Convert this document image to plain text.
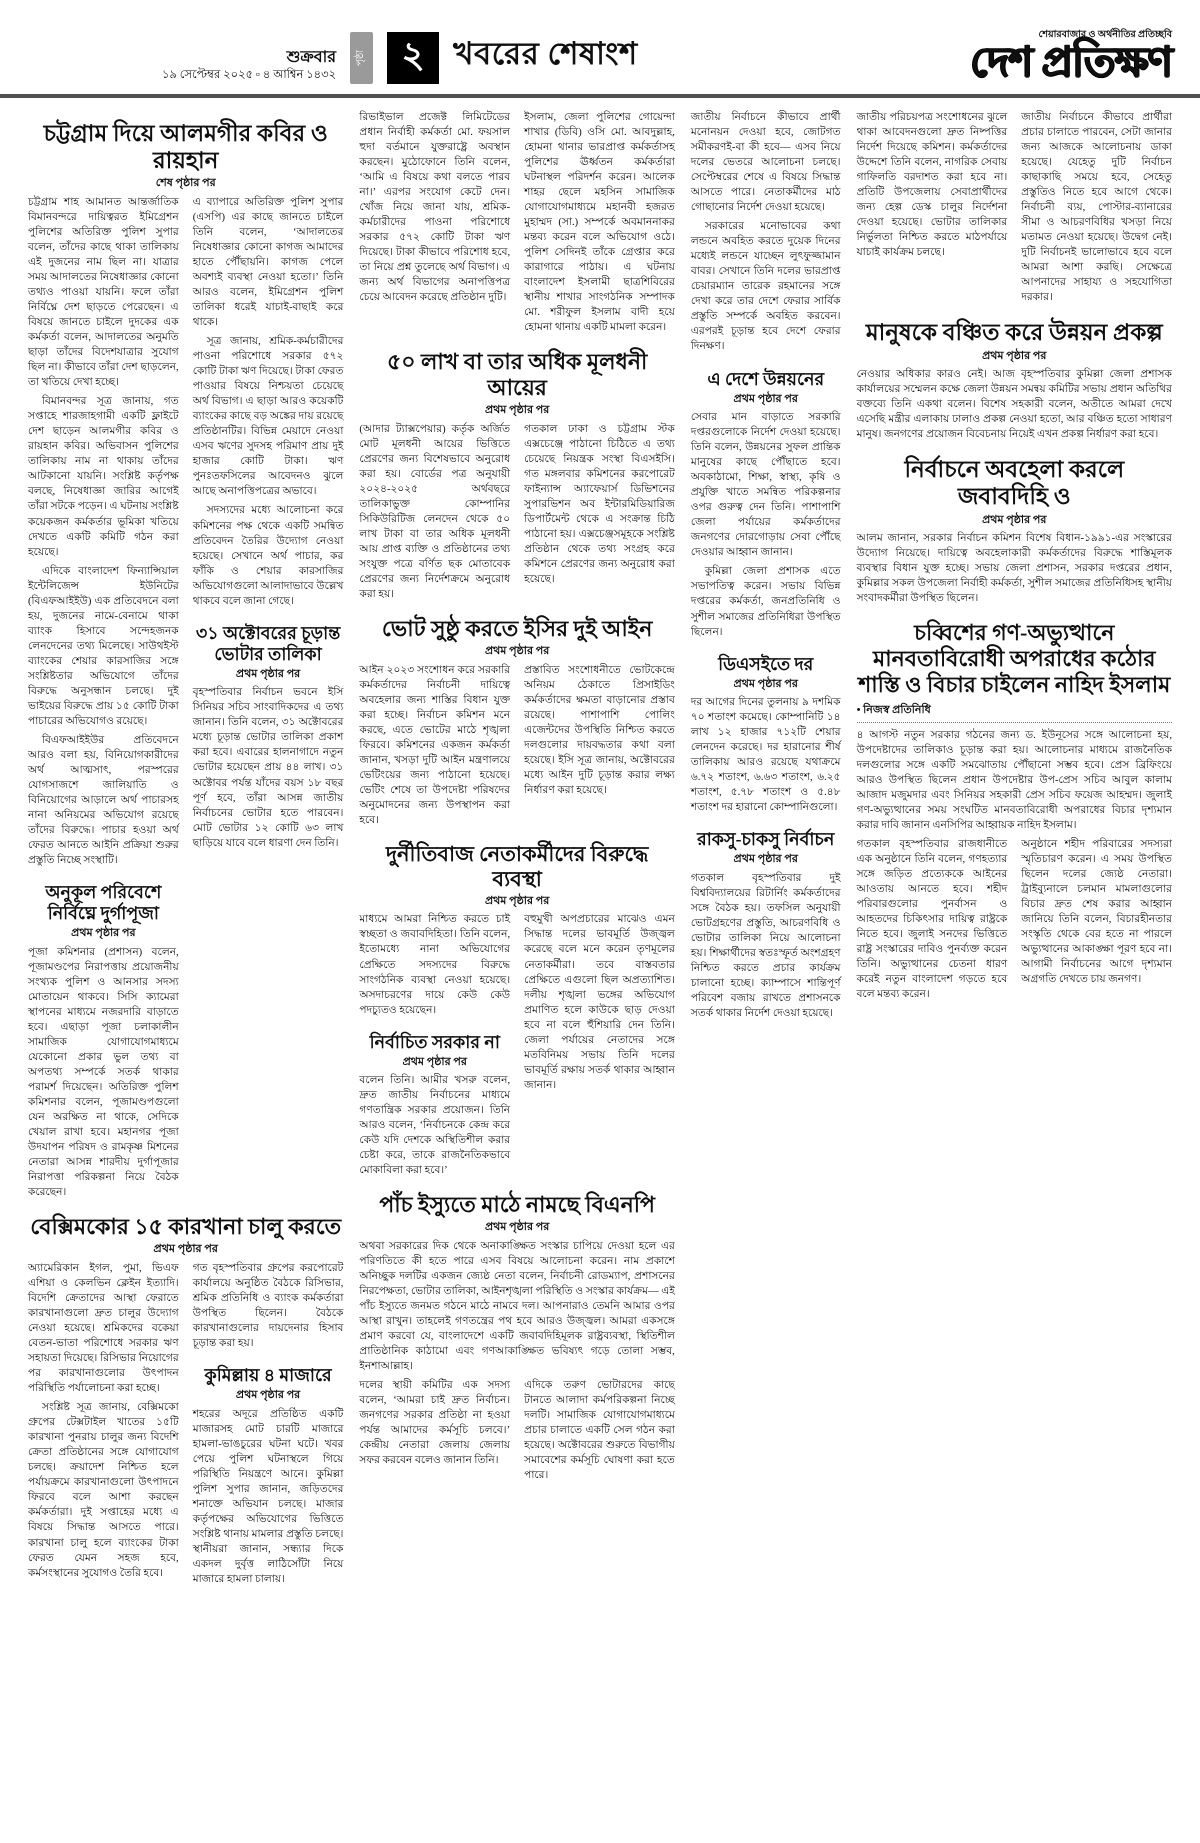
শুক্রবার
১৯ সেপ্টেম্বর ২০২৫ ▫ ৪ আশ্বিন ১৪৩২
পৃষ্ঠা ২ খবরের শেষাংশ
শেয়ারবাজার ও অর্থনীতির প্রতিচ্ছবি
দেশ প্রতিক্ষণ
চট্টগ্রাম দিয়ে আলমগীর কবির ও রায়হান
শেষ পৃষ্ঠার পর
চট্টগ্রাম শাহ আমানত আন্তর্জাতিক বিমানবন্দরে দায়িত্বরত ইমিগ্রেশন পুলিশের অতিরিক্ত পুলিশ সুপার বলেন, তাঁদের কাছে থাকা তালিকায় এই দুজনের নাম ছিল না। যাত্রার সময় আদালতের নিষেধাজ্ঞার কোনো তথ্যও পাওয়া যায়নি। ফলে তাঁরা নির্বিঘ্নে দেশ ছাড়তে পেরেছেন। এ বিষয়ে জানতে চাইলে দুদকের এক কর্মকর্তা বলেন, আদালতের অনুমতি ছাড়া তাঁদের বিদেশযাত্রার সুযোগ ছিল না। কীভাবে তাঁরা দেশ ছাড়লেন, তা খতিয়ে দেখা হচ্ছে।
বিমানবন্দর সূত্র জানায়, গত সপ্তাহে শারজাহগামী একটি ফ্লাইটে দেশ ছাড়েন আলমগীর কবির ও রায়হান কবির। অভিবাসন পুলিশের তালিকায় নাম না থাকায় তাঁদের আটকানো যায়নি। সংশ্লিষ্ট কর্তৃপক্ষ বলছে, নিষেধাজ্ঞা জারির আগেই তাঁরা সটকে পড়েন। এ ঘটনায় সংশ্লিষ্ট কয়েকজন কর্মকর্তার ভূমিকা খতিয়ে দেখতে একটি কমিটি গঠন করা হয়েছে।
এদিকে বাংলাদেশ ফিন্যান্সিয়াল ইন্টেলিজেন্স ইউনিটের (বিএফআইইউ) এক প্রতিবেদনে বলা হয়, দুজনের নামে-বেনামে থাকা ব্যাংক হিসাবে সন্দেহজনক লেনদেনের তথ্য মিলেছে। সাউথইস্ট ব্যাংকের শেয়ার কারসাজির সঙ্গে সংশ্লিষ্টতার অভিযোগে তাঁদের বিরুদ্ধে অনুসন্ধান চলছে। দুই ভাইয়ের বিরুদ্ধে প্রায় ১৫ কোটি টাকা পাচারের অভিযোগও রয়েছে।
বিএফআইইউর প্রতিবেদনে আরও বলা হয়, বিনিয়োগকারীদের অর্থ আত্মসাৎ, পরস্পরের যোগসাজশে জালিয়াতি ও বিনিয়োগের আড়ালে অর্থ পাচারসহ নানা অনিয়মের অভিযোগ রয়েছে তাঁদের বিরুদ্ধে। পাচার হওয়া অর্থ ফেরত আনতে আইনি প্রক্রিয়া শুরুর প্রস্তুতি নিচ্ছে সংস্থাটি।
অনুকূল পরিবেশে নির্বিঘ্নে দুর্গাপূজা
প্রথম পৃষ্ঠার পর
পূজা কমিশনার (প্রশাসন) বলেন, পূজামণ্ডপের নিরাপত্তায় প্রয়োজনীয় সংখ্যক পুলিশ ও আনসার সদস্য মোতায়েন থাকবে। সিসি ক্যামেরা স্থাপনের মাধ্যমে নজরদারি বাড়াতে হবে। এছাড়া পূজা চলাকালীন সামাজিক যোগাযোগমাধ্যমে যেকোনো প্রকার ভুল তথ্য বা অপতথ্য সম্পর্কে সতর্ক থাকার পরামর্শ দিয়েছেন। অতিরিক্ত পুলিশ কমিশনার বলেন, পূজামণ্ডপগুলো যেন অরক্ষিত না থাকে, সেদিকে খেয়াল রাখা হবে। মহানগর পূজা উদযাপন পরিষদ ও রামকৃষ্ণ মিশনের নেতারা আসন্ন শারদীয় দুর্গাপূজার নিরাপত্তা পরিকল্পনা নিয়ে বৈঠক করেছেন।
এ ব্যাপারে অতিরিক্ত পুলিশ সুপার (এসপি) এর কাছে জানতে চাইলে তিনি বলেন, ‘আদালতের নিষেধাজ্ঞার কোনো কাগজ আমাদের হাতে পৌঁছায়নি। কাগজ পেলে অবশ্যই ব্যবস্থা নেওয়া হতো।’ তিনি আরও বলেন, ইমিগ্রেশন পুলিশ তালিকা ধরেই যাচাই-বাছাই করে থাকে।
সূত্র জানায়, শ্রমিক-কর্মচারীদের পাওনা পরিশোধে সরকার ৫৭২ কোটি টাকা ঋণ দিয়েছে। টাকা ফেরত পাওয়ার বিষয়ে নিশ্চয়তা চেয়েছে অর্থ বিভাগ। এ ছাড়া আরও কয়েকটি ব্যাংকের কাছে বড় অঙ্কের দায় রয়েছে প্রতিষ্ঠানটির। বিভিন্ন মেয়াদে নেওয়া এসব ঋণের সুদসহ পরিমাণ প্রায় দুই হাজার কোটি টাকা। ঋণ পুনঃতফসিলের আবেদনও ঝুলে আছে অনাপত্তিপত্রের অভাবে।
সদস্যদের মধ্যে আলোচনা করে কমিশনের পক্ষ থেকে একটি সমন্বিত প্রতিবেদন তৈরির উদ্যোগ নেওয়া হয়েছে। সেখানে অর্থ পাচার, কর ফাঁকি ও শেয়ার কারসাজির অভিযোগগুলো আলাদাভাবে উল্লেখ থাকবে বলে জানা গেছে।
৩১ অক্টোবরের চূড়ান্ত ভোটার তালিকা
প্রথম পৃষ্ঠার পর
বৃহস্পতিবার নির্বাচন ভবনে ইসি সিনিয়র সচিব সাংবাদিকদের এ তথ্য জানান। তিনি বলেন, ৩১ অক্টোবরের মধ্যে চূড়ান্ত ভোটার তালিকা প্রকাশ করা হবে। এবারের হালনাগাদে নতুন ভোটার হয়েছেন প্রায় ৪৪ লাখ। ৩১ অক্টোবর পর্যন্ত যাঁদের বয়স ১৮ বছর পূর্ণ হবে, তাঁরা আসন্ন জাতীয় নির্বাচনের ভোটার হতে পারবেন। মোট ভোটার ১২ কোটি ৬৩ লাখ ছাড়িয়ে যাবে বলে ধারণা দেন তিনি।
বেক্সিমকোর ১৫ কারখানা চালু করতে
প্রথম পৃষ্ঠার পর
অ্যামেরিকান ইগল, পুমা, ভিএফ এশিয়া ও কেলভিন ক্লেইন ইত্যাদি। বিদেশি ক্রেতাদের আস্থা ফেরাতে কারখানাগুলো দ্রুত চালুর উদ্যোগ নেওয়া হয়েছে। শ্রমিকদের বকেয়া বেতন-ভাতা পরিশোধে সরকার ঋণ সহায়তা দিয়েছে। রিসিভার নিয়োগের পর কারখানাগুলোর উৎপাদন পরিস্থিতি পর্যালোচনা করা হচ্ছে।
সংশ্লিষ্ট সূত্র জানায়, বেক্সিমকো গ্রুপের টেক্সটাইল খাতের ১৫টি কারখানা পুনরায় চালুর জন্য বিদেশি ক্রেতা প্রতিষ্ঠানের সঙ্গে যোগাযোগ চলছে। ক্রয়াদেশ নিশ্চিত হলে পর্যায়ক্রমে কারখানাগুলো উৎপাদনে ফিরবে বলে আশা করছেন কর্মকর্তারা। দুই সপ্তাহের মধ্যে এ বিষয়ে সিদ্ধান্ত আসতে পারে। কারখানা চালু হলে ব্যাংকের টাকা ফেরত যেমন সহজ হবে, কর্মসংস্থানের সুযোগও তৈরি হবে।
গত বৃহস্পতিবার গ্রুপের করপোরেট কার্যালয়ে অনুষ্ঠিত বৈঠকে রিসিভার, শ্রমিক প্রতিনিধি ও ব্যাংক কর্মকর্তারা উপস্থিত ছিলেন। বৈঠকে কারখানাগুলোর দায়দেনার হিসাব চূড়ান্ত করা হয়।
কুমিল্লায় ৪ মাজারে
প্রথম পৃষ্ঠার পর
শহরের অদূরে প্রতিষ্ঠিত একটি মাজারসহ মোট চারটি মাজারে হামলা-ভাঙচুরের ঘটনা ঘটে। খবর পেয়ে পুলিশ ঘটনাস্থলে গিয়ে পরিস্থিতি নিয়ন্ত্রণে আনে। কুমিল্লা পুলিশ সুপার জানান, জড়িতদের শনাক্তে অভিযান চলছে। মাজার কর্তৃপক্ষের অভিযোগের ভিত্তিতে সংশ্লিষ্ট থানায় মামলার প্রস্তুতি চলছে। স্থানীয়রা জানান, সন্ধ্যার দিকে একদল দুর্বৃত্ত লাঠিসোঁটা নিয়ে মাজারে হামলা চালায়।
রিভাইভাল প্রজেক্ট লিমিটেডের প্রধান নির্বাহী কর্মকর্তা মো. ফয়সাল হুদা বর্তমানে যুক্তরাষ্ট্রে অবস্থান করছেন। মুঠোফোনে তিনি বলেন, ‘আমি এ বিষয়ে কথা বলতে পারব না।’ এরপর সংযোগ কেটে দেন। খোঁজ নিয়ে জানা যায়, শ্রমিক-কর্মচারীদের পাওনা পরিশোধে সরকার ৫৭২ কোটি টাকা ঋণ দিয়েছে। টাকা কীভাবে পরিশোধ হবে, তা নিয়ে প্রশ্ন তুলেছে অর্থ বিভাগ। এ জন্য অর্থ বিভাগের অনাপত্তিপত্র চেয়ে আবেদন করেছে প্রতিষ্ঠান দুটি।
ইসলাম, জেলা পুলিশের গোয়েন্দা শাখার (ডিবি) ওসি মো. আবদুল্লাহ, হোমনা থানার ভারপ্রাপ্ত কর্মকর্তাসহ পুলিশের ঊর্ধ্বতন কর্মকর্তারা ঘটনাস্থল পরিদর্শন করেন। আলেক শাহর ছেলে মহসিন সামাজিক যোগাযোগমাধ্যমে মহানবী হজরত মুহাম্মদ (সা.) সম্পর্কে অবমাননাকর মন্তব্য করেন বলে অভিযোগ ওঠে। পুলিশ সেদিনই তাঁকে গ্রেপ্তার করে কারাগারে পাঠায়। এ ঘটনায় বাংলাদেশ ইসলামী ছাত্রশিবিরের স্থানীয় শাখার সাংগঠনিক সম্পাদক মো. শরীফুল ইসলাম বাদী হয়ে হোমনা থানায় একটি মামলা করেন।
৫০ লাখ বা তার অধিক মূলধনী আয়ের
প্রথম পৃষ্ঠার পর
(আদার ট্যাক্সপেয়ার) কর্তৃক অর্জিত মোট মূলধনী আয়ের ভিত্তিতে প্রেরণের জন্য বিশেষভাবে অনুরোধ করা হয়। বোর্ডের পত্র অনুযায়ী ২০২৪-২০২৫ অর্থবছরে তালিকাভুক্ত কোম্পানির সিকিউরিটিজ লেনদেন থেকে ৫০ লাখ টাকা বা তার অধিক মূলধনী আয় প্রাপ্ত ব্যক্তি ও প্রতিষ্ঠানের তথ্য সংযুক্ত পত্রে বর্ণিত ছক মোতাবেক প্রেরণের জন্য নির্দেশক্রমে অনুরোধ করা হয়।
গতকাল ঢাকা ও চট্টগ্রাম স্টক এক্সচেঞ্জে পাঠানো চিঠিতে এ তথ্য চেয়েছে নিয়ন্ত্রক সংস্থা বিএসইসি। গত মঙ্গলবার কমিশনের করপোরেট ফাইন্যান্স অ্যাফেয়ার্স ডিভিশনের সুপারভিশন অব ইন্টারমিডিয়ারিজ ডিপার্টমেন্ট থেকে এ সংক্রান্ত চিঠি পাঠানো হয়। এক্সচেঞ্জসমূহকে সংশ্লিষ্ট প্রতিষ্ঠান থেকে তথ্য সংগ্রহ করে কমিশনে প্রেরণের জন্য অনুরোধ করা হয়েছে।
ভোট সুষ্ঠু করতে ইসির দুই আইন
প্রথম পৃষ্ঠার পর
আইন ২০২৩ সংশোধন করে সরকারি কর্মকর্তাদের নির্বাচনী দায়িত্বে অবহেলার জন্য শাস্তির বিধান যুক্ত করা হচ্ছে। নির্বাচন কমিশন মনে করছে, এতে ভোটের মাঠে শৃঙ্খলা ফিরবে। কমিশনের একজন কর্মকর্তা জানান, খসড়া দুটি আইন মন্ত্রণালয়ে ভেটিংয়ের জন্য পাঠানো হয়েছে। ভেটিং শেষে তা উপদেষ্টা পরিষদের অনুমোদনের জন্য উপস্থাপন করা হবে।
প্রস্তাবিত সংশোধনীতে ভোটকেন্দ্রে অনিয়ম ঠেকাতে প্রিসাইডিং কর্মকর্তাদের ক্ষমতা বাড়ানোর প্রস্তাব রয়েছে। পাশাপাশি পোলিং এজেন্টদের উপস্থিতি নিশ্চিত করতে দলগুলোর দায়বদ্ধতার কথা বলা হয়েছে। ইসি সূত্র জানায়, অক্টোবরের মধ্যে আইন দুটি চূড়ান্ত করার লক্ষ্য নির্ধারণ করা হয়েছে।
দুর্নীতিবাজ নেতাকর্মীদের বিরুদ্ধে ব্যবস্থা
প্রথম পৃষ্ঠার পর
মাধ্যমে আমরা নিশ্চিত করতে চাই স্বচ্ছতা ও জবাবদিহিতা। তিনি বলেন, ইতোমধ্যে নানা অভিযোগের প্রেক্ষিতে সদস্যদের বিরুদ্ধে সাংগঠনিক ব্যবস্থা নেওয়া হয়েছে। অসদাচরণের দায়ে কেউ কেউ পদচ্যুতও হয়েছেন।
নির্বাচিত সরকার না
প্রথম পৃষ্ঠার পর
বলেন তিনি। আমীর খসরু বলেন, দ্রুত জাতীয় নির্বাচনের মাধ্যমে গণতান্ত্রিক সরকার প্রয়োজন। তিনি আরও বলেন, ‘নির্বাচনকে কেন্দ্র করে কেউ যদি দেশকে অস্থিতিশীল করার চেষ্টা করে, তাকে রাজনৈতিকভাবে মোকাবিলা করা হবে।’
বহুমুখী অপপ্রচারের মাঝেও এমন সিদ্ধান্ত দলের ভাবমূর্তি উজ্জ্বল করেছে বলে মনে করেন তৃণমূলের নেতাকর্মীরা। তবে বাস্তবতার প্রেক্ষিতে এগুলো ছিল অপ্রত্যাশিত। দলীয় শৃঙ্খলা ভঙ্গের অভিযোগ প্রমাণিত হলে কাউকে ছাড় দেওয়া হবে না বলে হুঁশিয়ারি দেন তিনি। জেলা পর্যায়ের নেতাদের সঙ্গে মতবিনিময় সভায় তিনি দলের ভাবমূর্তি রক্ষায় সতর্ক থাকার আহ্বান জানান।
পাঁচ ইস্যুতে মাঠে নামছে বিএনপি
প্রথম পৃষ্ঠার পর
অথবা সরকারের দিক থেকে অনাকাঙ্ক্ষিত সংস্কার চাপিয়ে দেওয়া হলে এর পরিণতিতে কী হতে পারে এসব বিষয়ে আলোচনা করেন। নাম প্রকাশে অনিচ্ছুক দলটির একজন জ্যেষ্ঠ নেতা বলেন, নির্বাচনী রোডম্যাপ, প্রশাসনের নিরপেক্ষতা, ভোটার তালিকা, আইনশৃঙ্খলা পরিস্থিতি ও সংস্কার কার্যক্রম— এই পাঁচ ইস্যুতে জনমত গঠনে মাঠে নামবে দল। আপনারাও তেমনি আমার ওপর আস্থা রাখুন। তাহলেই গণতন্ত্রের পথ হবে আরও উজ্জ্বল। আমরা একসঙ্গে প্রমাণ করবো যে, বাংলাদেশে একটি জবাবদিহিমূলক রাষ্ট্রব্যবস্থা, স্থিতিশীল প্রাতিষ্ঠানিক কাঠামো এবং গণআকাঙ্ক্ষিত ভবিষ্যৎ গড়ে তোলা সম্ভব, ইনশাআল্লাহ।
দলের স্থায়ী কমিটির এক সদস্য বলেন, ‘আমরা চাই দ্রুত নির্বাচন। জনগণের সরকার প্রতিষ্ঠা না হওয়া পর্যন্ত আমাদের কর্মসূচি চলবে।’ কেন্দ্রীয় নেতারা জেলায় জেলায় সফর করবেন বলেও জানান তিনি।
এদিকে তরুণ ভোটারদের কাছে টানতে আলাদা কর্মপরিকল্পনা নিচ্ছে দলটি। সামাজিক যোগাযোগমাধ্যমে প্রচার চালাতে একটি সেল গঠন করা হয়েছে। অক্টোবরের শুরুতে বিভাগীয় সমাবেশের কর্মসূচি ঘোষণা করা হতে পারে।
জাতীয় নির্বাচনে কীভাবে প্রার্থী মনোনয়ন দেওয়া হবে, জোটগত সমীকরণই-বা কী হবে— এসব নিয়ে দলের ভেতরে আলোচনা চলছে। সেপ্টেম্বরের শেষে এ বিষয়ে সিদ্ধান্ত আসতে পারে। নেতাকর্মীদের মাঠ গোছানোর নির্দেশ দেওয়া হয়েছে।
সরকারের মনোভাবের কথা লন্ডনে অবহিত করতে দুয়েক দিনের মধ্যেই লন্ডনে যাচ্ছেন লুৎফুজ্জামান বাবর। সেখানে তিনি দলের ভারপ্রাপ্ত চেয়ারম্যান তারেক রহমানের সঙ্গে দেখা করে তার দেশে ফেরার সার্বিক প্রস্তুতি সম্পর্কে অবহিত করবেন। এরপরই চূড়ান্ত হবে দেশে ফেরার দিনক্ষণ।
এ দেশে উন্নয়নের
প্রথম পৃষ্ঠার পর
সেবার মান বাড়াতে সরকারি দপ্তরগুলোকে নির্দেশ দেওয়া হয়েছে। তিনি বলেন, উন্নয়নের সুফল প্রান্তিক মানুষের কাছে পৌঁছাতে হবে। অবকাঠামো, শিক্ষা, স্বাস্থ্য, কৃষি ও প্রযুক্তি খাতে সমন্বিত পরিকল্পনার ওপর গুরুত্ব দেন তিনি। পাশাপাশি জেলা পর্যায়ের কর্মকর্তাদের জনগণের দোরগোড়ায় সেবা পৌঁছে দেওয়ার আহ্বান জানান।
কুমিল্লা জেলা প্রশাসক এতে সভাপতিত্ব করেন। সভায় বিভিন্ন দপ্তরের কর্মকর্তা, জনপ্রতিনিধি ও সুশীল সমাজের প্রতিনিধিরা উপস্থিত ছিলেন।
ডিএসইতে দর
প্রথম পৃষ্ঠার পর
দর আগের দিনের তুলনায় ৯ দশমিক ৭০ শতাংশ কমেছে। কোম্পানিটি ১৪ লাখ ১২ হাজার ৭১২টি শেয়ার লেনদেন করেছে। দর হারানোর শীর্ষ তালিকায় আরও রয়েছে যথাক্রমে ৬.৭২ শতাংশ, ৬.৬৩ শতাংশ, ৬.২৫ শতাংশ, ৫.৭৮ শতাংশ ও ৫.৪৮ শতাংশ দর হারানো কোম্পানিগুলো।
রাকসু-চাকসু নির্বাচন
প্রথম পৃষ্ঠার পর
গতকাল বৃহস্পতিবার দুই বিশ্ববিদ্যালয়ের রিটার্নিং কর্মকর্তাদের সঙ্গে বৈঠক হয়। তফসিল অনুযায়ী ভোটগ্রহণের প্রস্তুতি, আচরণবিধি ও ভোটার তালিকা নিয়ে আলোচনা হয়। শিক্ষার্থীদের স্বতঃস্ফূর্ত অংশগ্রহণ নিশ্চিত করতে প্রচার কার্যক্রম চালানো হচ্ছে। ক্যাম্পাসে শান্তিপূর্ণ পরিবেশ বজায় রাখতে প্রশাসনকে সতর্ক থাকার নির্দেশ দেওয়া হয়েছে।
জাতীয় পরিচয়পত্র সংশোধনের ঝুলে থাকা আবেদনগুলো দ্রুত নিষ্পত্তির নির্দেশ দিয়েছে কমিশন। কর্মকর্তাদের উদ্দেশে তিনি বলেন, নাগরিক সেবায় গাফিলতি বরদাশত করা হবে না। প্রতিটি উপজেলায় সেবাপ্রার্থীদের জন্য হেল্প ডেস্ক চালুর নির্দেশনা দেওয়া হয়েছে। ভোটার তালিকার নির্ভুলতা নিশ্চিত করতে মাঠপর্যায়ে যাচাই কার্যক্রম চলছে।
জাতীয় নির্বাচনে কীভাবে প্রার্থীরা প্রচার চালাতে পারবেন, সেটা জানার জন্য আজকে আলোচনায় ডাকা হয়েছে। যেহেতু দুটি নির্বাচন কাছাকাছি সময়ে হবে, সেহেতু প্রস্তুতিও নিতে হবে আগে থেকে। নির্বাচনী ব্যয়, পোস্টার-ব্যানারের সীমা ও আচরণবিধির খসড়া নিয়ে মতামত নেওয়া হয়েছে। উদ্বেগ নেই। দুটি নির্বাচনই ভালোভাবে হবে বলে আমরা আশা করছি। সেক্ষেত্রে আপনাদের সাহায্য ও সহযোগিতা দরকার।
মানুষকে বঞ্চিত করে উন্নয়ন প্রকল্প
প্রথম পৃষ্ঠার পর
নেওয়ার অধিকার কারও নেই। আজ বৃহস্পতিবার কুমিল্লা জেলা প্রশাসক কার্যালয়ের সম্মেলন কক্ষে জেলা উন্নয়ন সমন্বয় কমিটির সভায় প্রধান অতিথির বক্তব্যে তিনি একথা বলেন। বিশেষ সহকারী বলেন, অতীতে আমরা দেখে এসেছি মন্ত্রীর এলাকায় ঢালাও প্রকল্প নেওয়া হতো, আর বঞ্চিত হতো সাধারণ মানুষ। জনগণের প্রয়োজন বিবেচনায় নিয়েই এখন প্রকল্প নির্ধারণ করা হবে।
নির্বাচনে অবহেলা করলে জবাবদিহি ও
প্রথম পৃষ্ঠার পর
আলম জানান, সরকার নির্বাচন কমিশন বিশেষ বিধান-১৯৯১-এর সংস্কারের উদ্যোগ নিয়েছে। দায়িত্বে অবহেলাকারী কর্মকর্তাদের বিরুদ্ধে শাস্তিমূলক ব্যবস্থার বিধান যুক্ত হচ্ছে। সভায় জেলা প্রশাসন, সরকার দপ্তরের প্রধান, কুমিল্লার সকল উপজেলা নির্বাহী কর্মকর্তা, সুশীল সমাজের প্রতিনিধিসহ স্থানীয় সংবাদকর্মীরা উপস্থিত ছিলেন।
চব্বিশের গণ-অভ্যুত্থানে মানবতাবিরোধী অপরাধের কঠোর শাস্তি ও বিচার চাইলেন নাহিদ ইসলাম
• নিজস্ব প্রতিনিধি
৪ আগস্ট নতুন সরকার গঠনের জন্য ড. ইউনূসের সঙ্গে আলোচনা হয়, উপদেষ্টাদের তালিকাও চূড়ান্ত করা হয়। আলোচনার মাধ্যমে রাজনৈতিক দলগুলোর সঙ্গে একটি সমঝোতায় পৌঁছানো সম্ভব হবে। প্রেস ব্রিফিংয়ে আরও উপস্থিত ছিলেন প্রধান উপদেষ্টার উপ-প্রেস সচিব আবুল কালাম আজাদ মজুমদার এবং সিনিয়র সহকারী প্রেস সচিব ফয়েজ আহম্মদ। জুলাই গণ-অভ্যুত্থানের সময় সংঘটিত মানবতাবিরোধী অপরাধের বিচার দৃশ্যমান করার দাবি জানান এনসিপির আহ্বায়ক নাহিদ ইসলাম।
গতকাল বৃহস্পতিবার রাজধানীতে এক অনুষ্ঠানে তিনি বলেন, গণহত্যার সঙ্গে জড়িত প্রত্যেককে আইনের আওতায় আনতে হবে। শহীদ পরিবারগুলোর পুনর্বাসন ও আহতদের চিকিৎসার দায়িত্ব রাষ্ট্রকে নিতে হবে। জুলাই সনদের ভিত্তিতে রাষ্ট্র সংস্কারের দাবিও পুনর্ব্যক্ত করেন তিনি। অভ্যুত্থানের চেতনা ধারণ করেই নতুন বাংলাদেশ গড়তে হবে বলে মন্তব্য করেন।
অনুষ্ঠানে শহীদ পরিবারের সদস্যরা স্মৃতিচারণ করেন। এ সময় উপস্থিত ছিলেন দলের জ্যেষ্ঠ নেতারা। ট্রাইব্যুনালে চলমান মামলাগুলোর বিচার দ্রুত শেষ করার আহ্বান জানিয়ে তিনি বলেন, বিচারহীনতার সংস্কৃতি থেকে বের হতে না পারলে অভ্যুত্থানের আকাঙ্ক্ষা পূরণ হবে না। আগামী নির্বাচনের আগে দৃশ্যমান অগ্রগতি দেখতে চায় জনগণ।
